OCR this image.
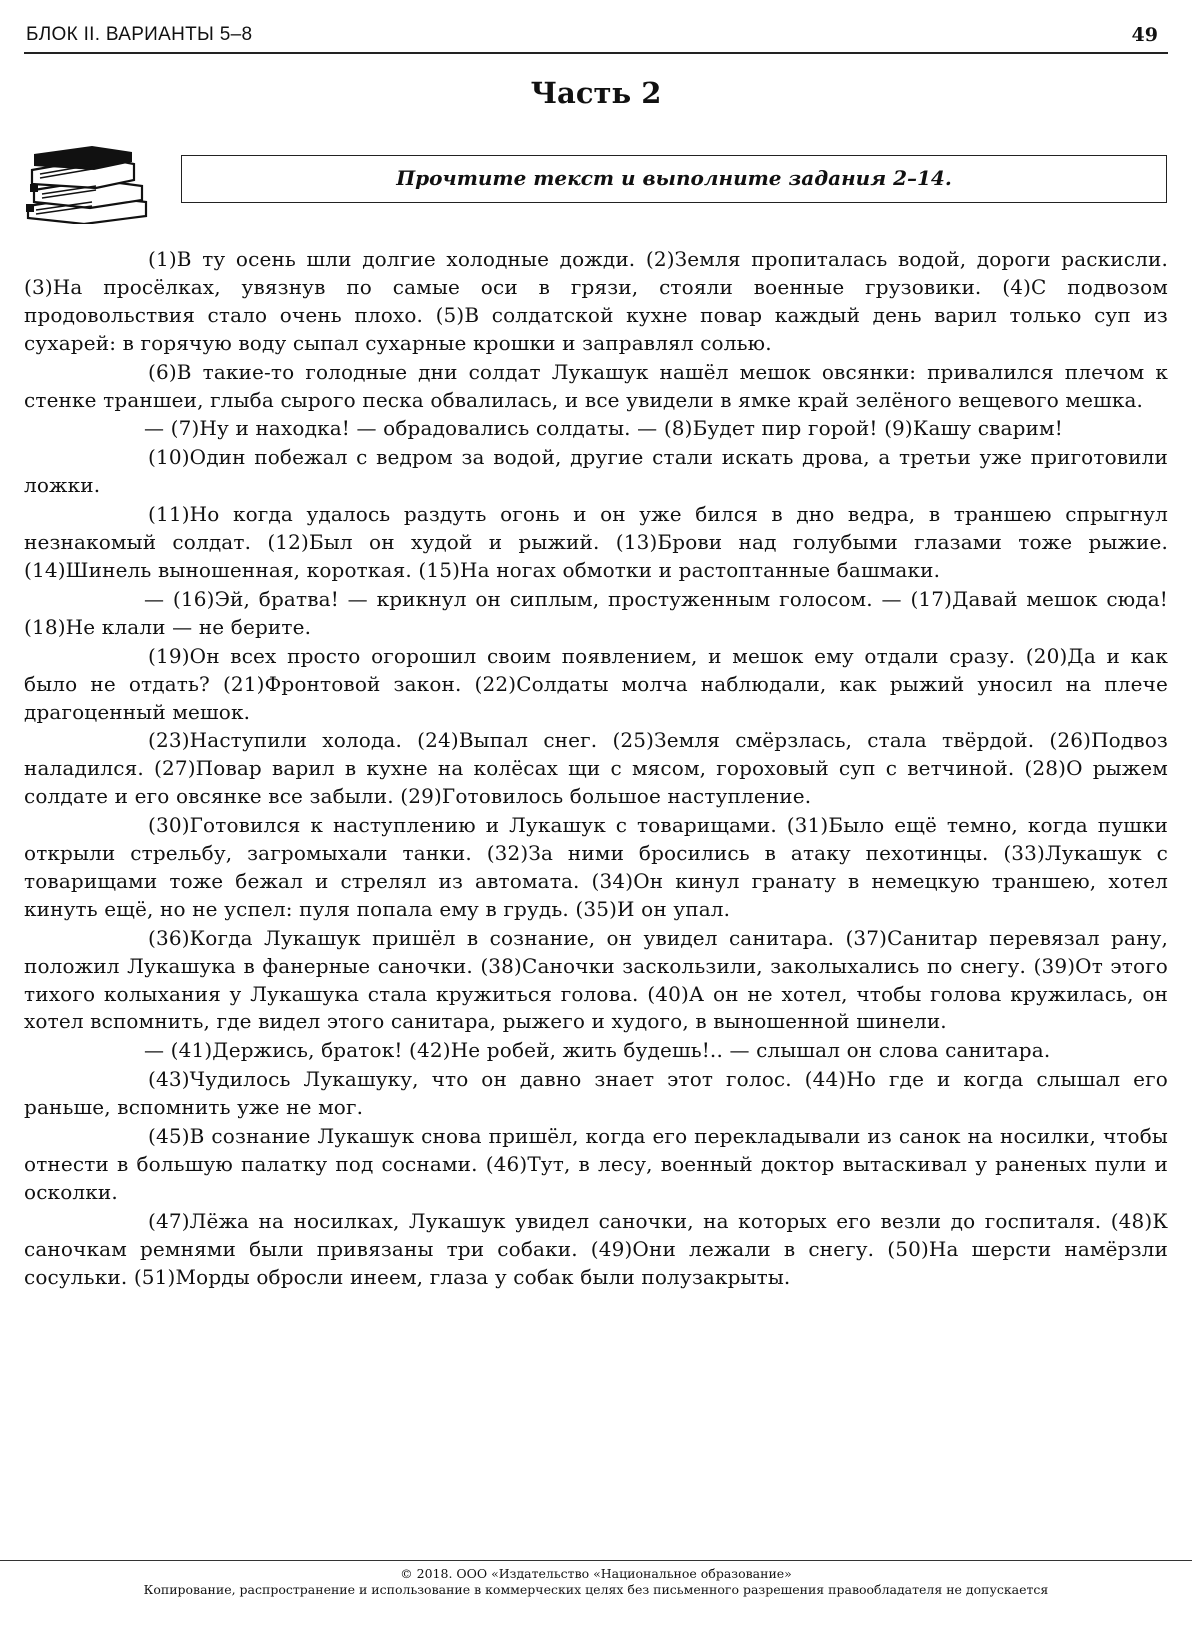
БЛОК II. ВАРИАНТЫ 5–8	49
Часть 2
Прочтите текст и выполните задания 2–14.

(1)В ту осень шли долгие холодные дожди. (2)Земля пропиталась водой, дороги раскисли. (3)На просёлках, увязнув по самые оси в грязи, стояли военные грузовики. (4)С подвозом продовольствия стало очень плохо. (5)В солдатской кухне повар каждый день варил только суп из сухарей: в горячую воду сыпал сухарные крошки и заправлял солью.

(6)В такие-то голодные дни солдат Лукашук нашёл мешок овсянки: привалился плечом к стенке траншеи, глыба сырого песка обвалилась, и все увидели в ямке край зелёного вещевого мешка.

— (7)Ну и находка! — обрадовались солдаты. — (8)Будет пир горой! (9)Кашу сварим!

(10)Один побежал с ведром за водой, другие стали искать дрова, а третьи уже приготовили ложки.

(11)Но когда удалось раздуть огонь и он уже бился в дно ведра, в траншею спрыгнул незнакомый солдат. (12)Был он худой и рыжий. (13)Брови над голубыми глазами тоже рыжие. (14)Шинель выношенная, короткая. (15)На ногах обмотки и растоптанные башмаки.

— (16)Эй, братва! — крикнул он сиплым, простуженным голосом. — (17)Давай мешок сюда! (18)Не клали — не берите.

(19)Он всех просто огорошил своим появлением, и мешок ему отдали сразу. (20)Да и как было не отдать? (21)Фронтовой закон. (22)Солдаты молча наблюдали, как рыжий уносил на плече драгоценный мешок.

(23)Наступили холода. (24)Выпал снег. (25)Земля смёрзлась, стала твёрдой. (26)Подвоз наладился. (27)Повар варил в кухне на колёсах щи с мясом, гороховый суп с ветчиной. (28)О рыжем солдате и его овсянке все забыли. (29)Готовилось большое наступление.

(30)Готовился к наступлению и Лукашук с товарищами. (31)Было ещё темно, когда пушки открыли стрельбу, загромыхали танки. (32)За ними бросились в атаку пехотинцы. (33)Лукашук с товарищами тоже бежал и стрелял из автомата. (34)Он кинул гранату в немецкую траншею, хотел кинуть ещё, но не успел: пуля попала ему в грудь. (35)И он упал.

(36)Когда Лукашук пришёл в сознание, он увидел санитара. (37)Санитар перевязал рану, положил Лукашука в фанерные саночки. (38)Саночки заскользили, заколыхались по снегу. (39)От этого тихого колыхания у Лукашука стала кружиться голова. (40)А он не хотел, чтобы голова кружилась, он хотел вспомнить, где видел этого санитара, рыжего и худого, в выношенной шинели.

— (41)Держись, браток! (42)Не робей, жить будешь!.. — слышал он слова санитара.

(43)Чудилось Лукашуку, что он давно знает этот голос. (44)Но где и когда слышал его раньше, вспомнить уже не мог.

(45)В сознание Лукашук снова пришёл, когда его перекладывали из санок на носилки, чтобы отнести в большую палатку под соснами. (46)Тут, в лесу, военный доктор вытаскивал у раненых пули и осколки.

(47)Лёжа на носилках, Лукашук увидел саночки, на которых его везли до госпиталя. (48)К саночкам ремнями были привязаны три собаки. (49)Они лежали в снегу. (50)На шерсти намёрзли сосульки. (51)Морды обросли инеем, глаза у собак были полузакрыты.

© 2018. ООО «Издательство «Национальное образование»
Копирование, распространение и использование в коммерческих целях без письменного разрешения правообладателя не допускается
